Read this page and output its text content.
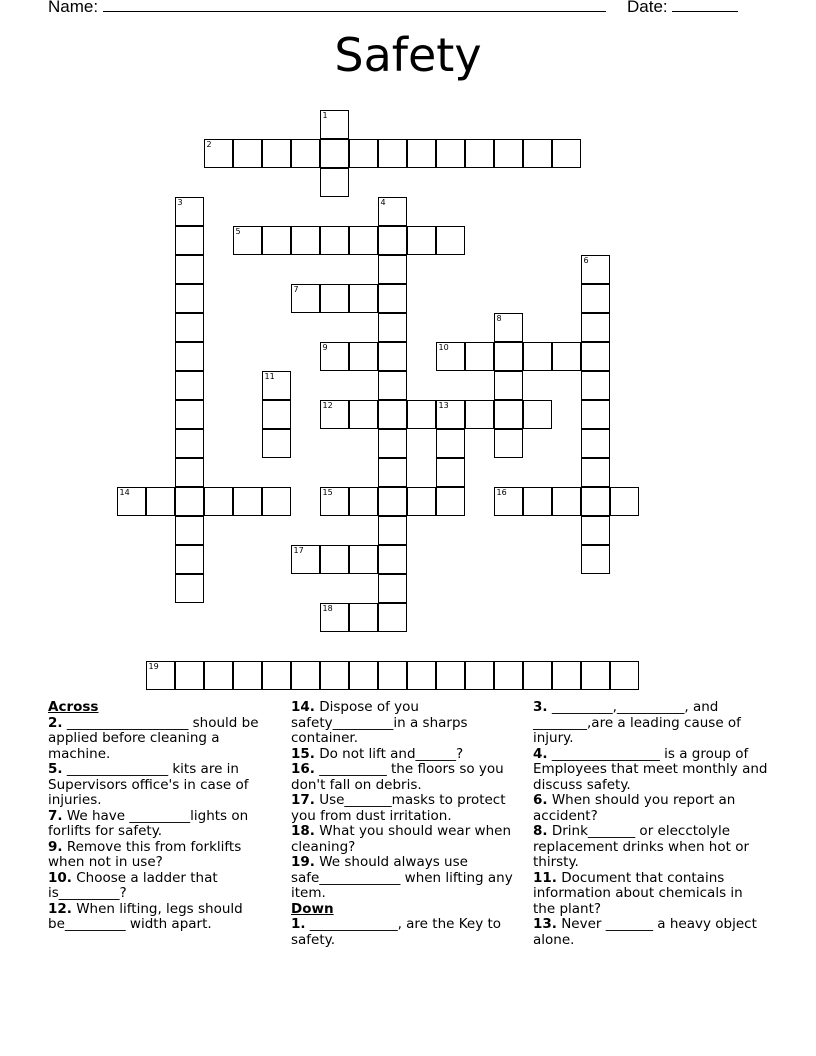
Name:	Date:
Safety
1
2
3	4
5
6
7
8
9	10
11
12	13
14	15	16
17
18
19
Across
2. __________________ should be applied before cleaning a machine.
5. _______________ kits are in Supervisors office's in case of injuries.
7. We have _________lights on forlifts for safety.
9. Remove this from forklifts when not in use?
10. Choose a ladder that is_________?
12. When lifting, legs should be_________ width apart.
14. Dispose of you safety_________in a sharps container.
15. Do not lift and______?
16. __________ the floors so you don't fall on debris.
17. Use_______masks to protect you from dust irritation.
18. What you should wear when cleaning?
19. We should always use safe____________ when lifting any item.
Down
1. _____________, are the Key to safety.
3. _________,__________, and ________,are a leading cause of injury.
4. ________________ is a group of Employees that meet monthly and discuss safety.
6. When should you report an accident?
8. Drink_______ or elecctolyle replacement drinks when hot or thirsty.
11. Document that contains information about chemicals in the plant?
13. Never _______ a heavy object alone.
